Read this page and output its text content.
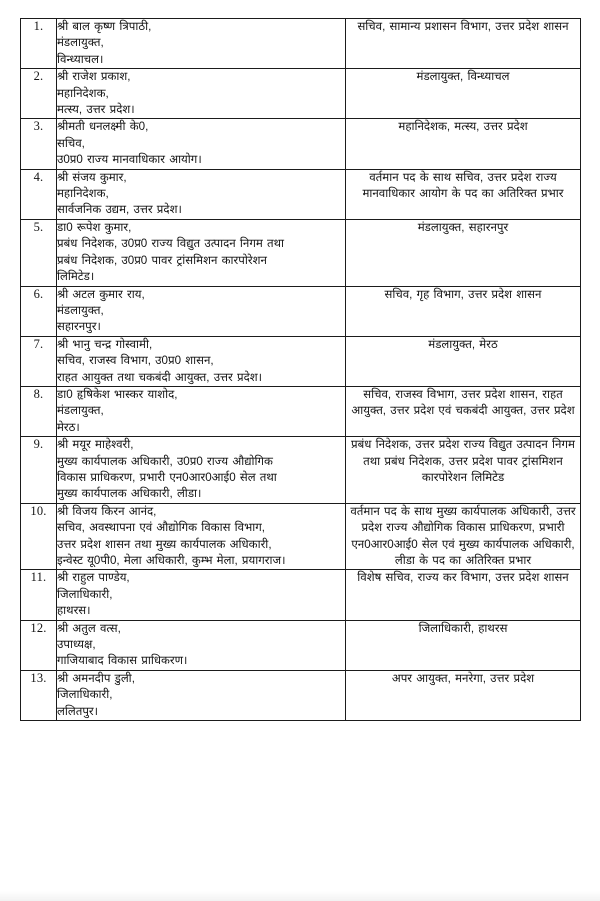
1.	श्री बाल कृष्ण त्रिपाठी,
मंडलायुक्त,
विन्ध्याचल।	सचिव, सामान्य प्रशासन विभाग, उत्तर प्रदेश शासन

2.	श्री राजेश प्रकाश,
महानिदेशक,
मत्स्य, उत्तर प्रदेश।	मंडलायुक्त, विन्ध्याचल

3.	श्रीमती धनलक्ष्मी के0,
सचिव,
उ0प्र0 राज्य मानवाधिकार आयोग।	महानिदेशक, मत्स्य, उत्तर प्रदेश

4.	श्री संजय कुमार,
महानिदेशक,
सार्वजनिक उद्यम, उत्तर प्रदेश।	वर्तमान पद के साथ सचिव, उत्तर प्रदेश राज्य मानवाधिकार आयोग के पद का अतिरिक्त प्रभार

5.	डा0 रूपेश कुमार,
प्रबंध निदेशक, उ0प्र0 राज्य विद्युत उत्पादन निगम तथा
प्रबंध निदेशक, उ0प्र0 पावर ट्रांसमिशन कारपोरेशन
लिमिटेड।	मंडलायुक्त, सहारनपुर

6.	श्री अटल कुमार राय,
मंडलायुक्त,
सहारनपुर।	सचिव, गृह विभाग, उत्तर प्रदेश शासन

7.	श्री भानु चन्द्र गोस्वामी,
सचिव, राजस्व विभाग, उ0प्र0 शासन,
राहत आयुक्त तथा चकबंदी आयुक्त, उत्तर प्रदेश।	मंडलायुक्त, मेरठ

8.	डा0 हृषिकेश भास्कर याशोद,
मंडलायुक्त,
मेरठ।	सचिव, राजस्व विभाग, उत्तर प्रदेश शासन, राहत आयुक्त, उत्तर प्रदेश एवं चकबंदी आयुक्त, उत्तर प्रदेश

9.	श्री मयूर माहेश्वरी,
मुख्य कार्यपालक अधिकारी, उ0प्र0 राज्य औद्योगिक
विकास प्राधिकरण, प्रभारी एन0आर0आई0 सेल तथा
मुख्य कार्यपालक अधिकारी, लीडा।	प्रबंध निदेशक, उत्तर प्रदेश राज्य विद्युत उत्पादन निगम तथा प्रबंध निदेशक, उत्तर प्रदेश पावर ट्रांसमिशन कारपोरेशन लिमिटेड

10.	श्री विजय किरन आनंद,
सचिव, अवस्थापना एवं औद्योगिक विकास विभाग,
उत्तर प्रदेश शासन तथा मुख्य कार्यपालक अधिकारी,
इन्वेस्ट यू0पी0, मेला अधिकारी, कुम्भ मेला, प्रयागराज।	वर्तमान पद के साथ मुख्य कार्यपालक अधिकारी, उत्तर प्रदेश राज्य औद्योगिक विकास प्राधिकरण, प्रभारी एन0आर0आई0 सेल एवं मुख्य कार्यपालक अधिकारी, लीडा के पद का अतिरिक्त प्रभार

11.	श्री राहुल पाण्डेय,
जिलाधिकारी,
हाथरस।	विशेष सचिव, राज्य कर विभाग, उत्तर प्रदेश शासन

12.	श्री अतुल वत्स,
उपाध्यक्ष,
गाजियाबाद विकास प्राधिकरण।	जिलाधिकारी, हाथरस

13.	श्री अमनदीप डुली,
जिलाधिकारी,
ललितपुर।	अपर आयुक्त, मनरेगा, उत्तर प्रदेश
